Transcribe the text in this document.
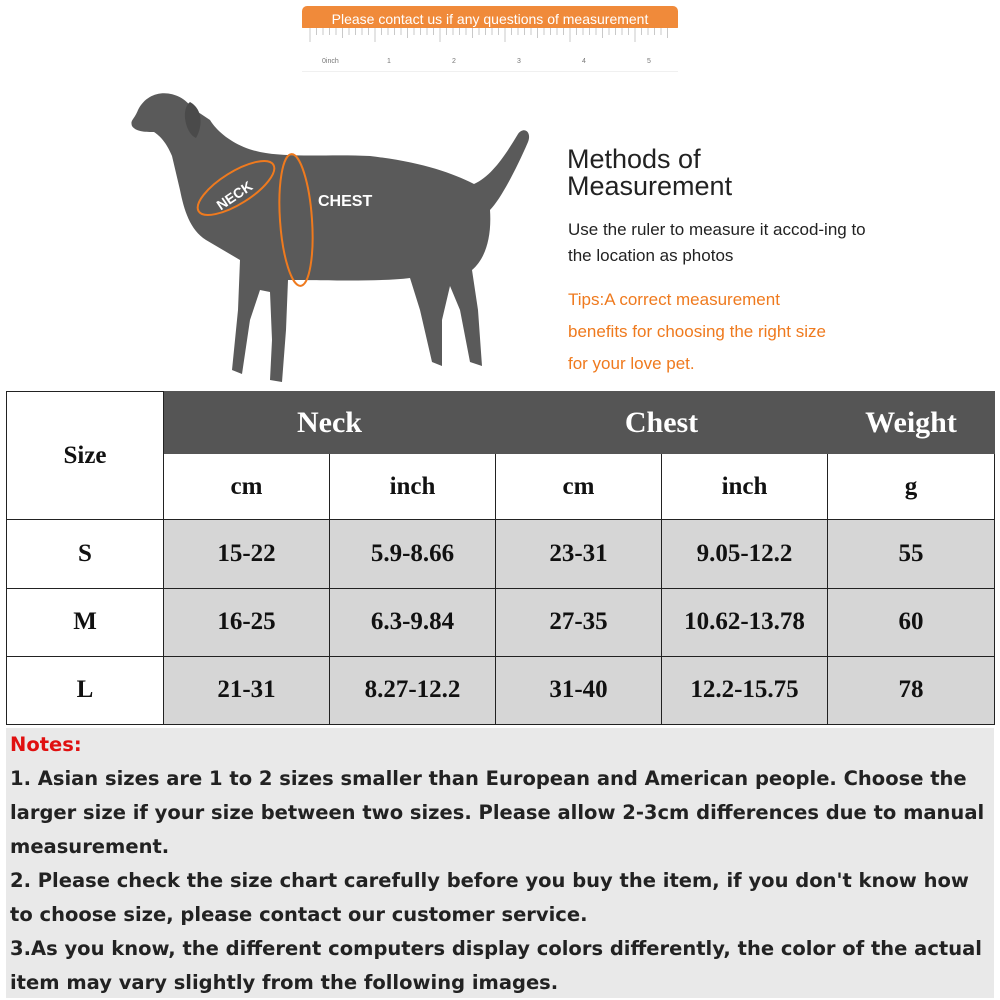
Please contact us if any questions of measurement
0inch	1	2	3	4	5
NECK	CHEST
Methods of
Measurement
Use the ruler to measure it accod-ing to the location as photos
Tips:A correct measurement benefits for choosing the right size for your love pet.
Size	Neck		Chest		Weight
	cm	inch	cm	inch	g
S	15-22	5.9-8.66	23-31	9.05-12.2	55
M	16-25	6.3-9.84	27-35	10.62-13.78	60
L	21-31	8.27-12.2	31-40	12.2-15.75	78

Notes:

1. Asian sizes are 1 to 2 sizes smaller than European and American people. Choose the larger size if your size between two sizes. Please allow 2-3cm differences due to manual measurement.

2. Please check the size chart carefully before you buy the item, if you don't know how to choose size, please contact our customer service.

3.As you know, the different computers display colors differently, the color of the actual item may vary slightly from the following images.
